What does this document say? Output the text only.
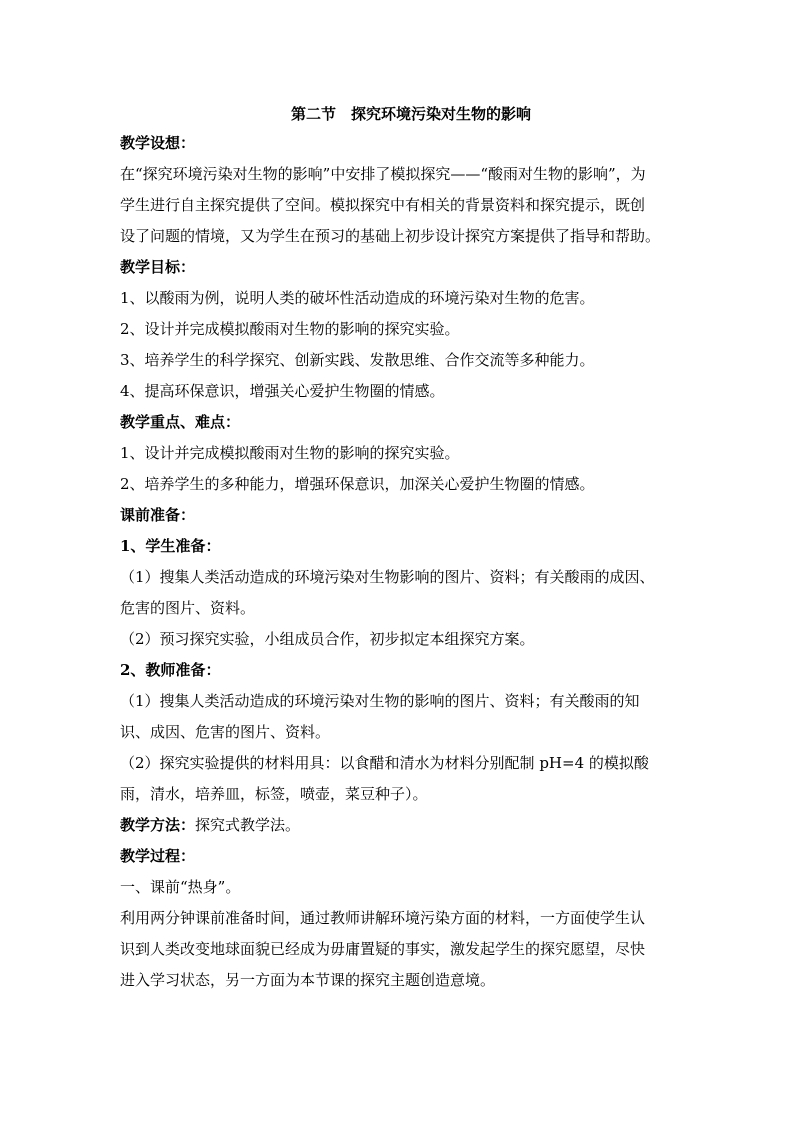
第二节　探究环境污染对生物的影响
教学设想：
在“探究环境污染对生物的影响”中安排了模拟探究——“酸雨对生物的影响”，为
学生进行自主探究提供了空间。模拟探究中有相关的背景资料和探究提示，既创
设了问题的情境，又为学生在预习的基础上初步设计探究方案提供了指导和帮助。
教学目标：
1、以酸雨为例，说明人类的破坏性活动造成的环境污染对生物的危害。
2、设计并完成模拟酸雨对生物的影响的探究实验。
3、培养学生的科学探究、创新实践、发散思维、合作交流等多种能力。
4、提高环保意识，增强关心爱护生物圈的情感。
教学重点、难点：
1、设计并完成模拟酸雨对生物的影响的探究实验。
2、培养学生的多种能力，增强环保意识，加深关心爱护生物圈的情感。
课前准备：
1、学生准备：
（1）搜集人类活动造成的环境污染对生物影响的图片、资料；有关酸雨的成因、
危害的图片、资料。
（2）预习探究实验，小组成员合作，初步拟定本组探究方案。
2、教师准备：
（1）搜集人类活动造成的环境污染对生物的影响的图片、资料；有关酸雨的知
识、成因、危害的图片、资料。
（2）探究实验提供的材料用具：以食醋和清水为材料分别配制 pH=4 的模拟酸
雨，清水，培养皿，标签，喷壶，菜豆种子）。
教学方法：探究式教学法。
教学过程：
一、课前“热身”。
利用两分钟课前准备时间，通过教师讲解环境污染方面的材料，一方面使学生认
识到人类改变地球面貌已经成为毋庸置疑的事实，激发起学生的探究愿望，尽快
进入学习状态，另一方面为本节课的探究主题创造意境。
